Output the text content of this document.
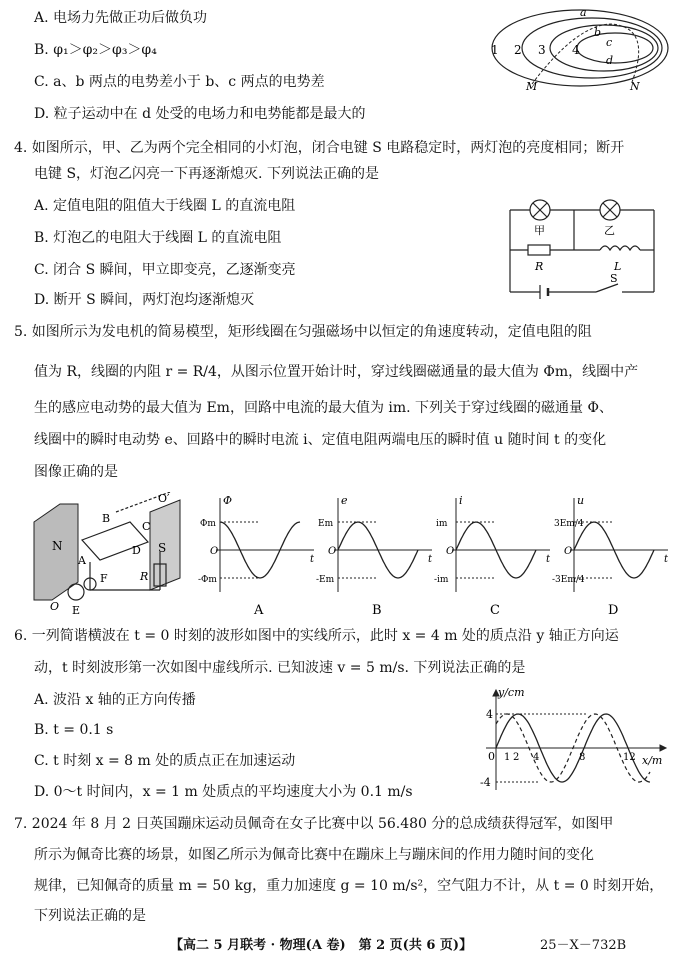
A. 电场力先做正功后做负功
B. φ₁＞φ₂＞φ₃＞φ₄
C. a、b 两点的电势差小于 b、c 两点的电势差
D. 粒子运动中在 d 处受的电场力和电势能都是最大的
1 2 3 4
a
b
c
d
M	N
4. 如图所示，甲、乙为两个完全相同的小灯泡，闭合电键 S 电路稳定时，两灯泡的亮度相同；断开
电键 S，灯泡乙闪亮一下再逐渐熄灭. 下列说法正确的是
A. 定值电阻的阻值大于线圈 L 的直流电阻
B. 灯泡乙的电阻大于线圈 L 的直流电阻
C. 闭合 S 瞬间，甲立即变亮，乙逐渐变亮
D. 断开 S 瞬间，两灯泡均逐渐熄灭
甲	乙
R	L
S
5. 如图所示为发电机的简易模型，矩形线圈在匀强磁场中以恒定的角速度转动，定值电阻的阻
值为 R，线圈的内阻 r = R/4，从图示位置开始计时，穿过线圈磁通量的最大值为 Φm，线圈中产
生的感应电动势的最大值为 Em，回路中电流的最大值为 im. 下列关于穿过线圈的磁通量 Φ、
线圈中的瞬时电动势 e、回路中的瞬时电流 i、定值电阻两端电压的瞬时值 u 随时间 t 的变化
图像正确的是
O′
B
C
N
A
D S
O E
F	R
Φ
Φm
-Φm
O
t
A
e
Em
-Em
O
t
B
i
im
-im
O
t
C
u
3Em/4
-3Em/4
O
t
D
6. 一列简谐横波在 t = 0 时刻的波形如图中的实线所示，此时 x = 4 m 处的质点沿 y 轴正方向运
动，t 时刻波形第一次如图中虚线所示. 已知波速 v = 5 m/s. 下列说法正确的是
A. 波沿 x 轴的正方向传播
B. t = 0.1 s
C. t 时刻 x = 8 m 处的质点正在加速运动
D. 0～t 时间内，x = 1 m 处质点的平均速度大小为 0.1 m/s
y/cm
x/m
4
-4
0 1 2 4	8	12
7. 2024 年 8 月 2 日英国蹦床运动员佩奇在女子比赛中以 56.480 分的总成绩获得冠军，如图甲
所示为佩奇比赛的场景，如图乙所示为佩奇比赛中在蹦床上与蹦床间的作用力随时间的变化
规律，已知佩奇的质量 m = 50 kg，重力加速度 g = 10 m/s²，空气阻力不计，从 t = 0 时刻开始，
下列说法正确的是
【高二 5 月联考 · 物理(A 卷)　第 2 页(共 6 页)】	25－X－732B
